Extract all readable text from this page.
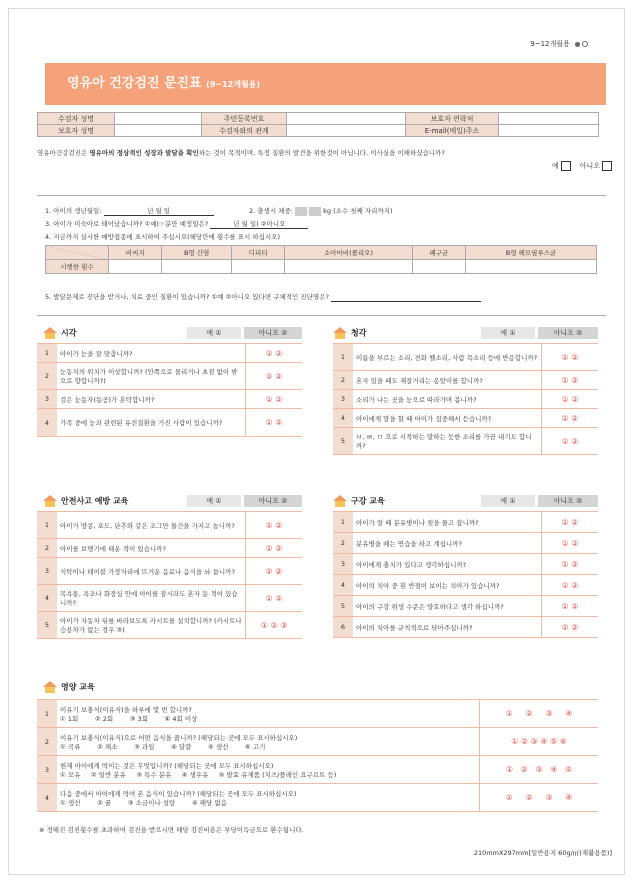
9~12개월용
영유아 건강검진 문진표 (9~12개월용)
수검자 성명		주민등록번호		보호자 연락처	
보호자 성명		수검자와의 관계		E-mail(메일)주소	
영유아건강검진은 영유아의 정상적인 성장과 발달을 확인하는 것이 목적이며, 특정 질환의 발견을 위한것이 아닙니다. 이사실을 이해하셨습니까?
예	아니오
1. 아이의 생년월일:	년 월 일	2. 출생시 체중: . kg (소수 첫째 자리까지)
3. 아이가 미숙아로 태어났습니까? ①예(☞분만 예정일은?	년 월 일) ②아니오
4. 지금까지 실시한 예방접종에 표시하여 주십시오(해당란에 횟수를 표시 하십시오)
	비씨지	B형 간염	디피티	소아마비(폴리오)	폐구균	B형 헤모필루스균
시행한 횟수						
5. 발달문제로 진단을 받거나, 치료 중인 질환이 있습니까? ①예 ②아니오 있다면 구체적인 진단명은?
시각	예 ①	아니오 ②
1	아이가 눈을 잘 맞춥니까?	① ②
2	눈동자의 위치가 이상합니까? (안쪽으로 몰리거나 초점 없이 밖으로 향합니까?)	① ②
3	검은 눈동자(동공)가 혼탁합니까?	① ②
4	가족 중에 눈과 관련된 유전질환을 가진 사람이 있습니까?	① ②
청각	예 ①	아니오 ②
1	이름을 부르는 소리, 전화 벨소리, 사람 목소리 등에 반응합니까?	① ②
2	혼자 있을 때도 재잘거리는 옹알이를 합니까?	① ②
3	소리가 나는 곳을 눈으로 따라가며 봅니까?	① ②
4	아이에게 말을 할 때 아이가 집중해서 듣습니까?	① ②
5	ㅂ, ㅃ, ㅁ 으로 시작하는 말하는 듯한 소리를 가끔 내기도 합니까?	① ②
안전사고 예방 교육	예 ①	아니오 ②
1	아이가 땅콩, 포도, 단추와 같은 조그만 물건을 가지고 놉니까?	① ②
2	아이를 보행기에 태운 적이 있습니까?	① ②
3	식탁이나 테이블 가장자리에 뜨거운 음료나 음식을 놔 둡니까?	① ②
4	목욕통, 욕조나 화장실 안에 아이를 잠시라도 혼자 둔 적이 있습니까?	① ②
5	아이가 자동차 뒤를 바라보도록 카시트를 설치합니까? (카시트나 승용차가 없는 경우 ③)	① ② ③
구강 교육	예 ①	아니오 ②
1	아이가 잘 때 분유병이나 젖을 물고 잡니까?	① ②
2	분유병을 떼는 연습을 하고 계십니까?	① ②
3	아이에게 충치가 있다고 생각하십니까?	① ②
4	아이의 치아 중 흰 반점이 보이는 치아가 있습니까?	① ②
5	아이의 구강 위생 수준은 양호하다고 생각 하십니까?	① ②
6	아이의 치아를 규칙적으로 닦아주십니까?	① ②
영양 교육
1	이유기 보충식(이유식)을 하루에 몇 번 합니까?
① 1회        ② 2회        ③ 3회        ④ 4회 이상	①     ②     ③     ④
2	이유기 보충식(이유식)으로 어떤 음식을 줍니까? (해당되는 곳에 모두 표시하십시오)
① 곡류        ② 채소        ③ 과일        ④ 달걀        ⑤ 생선        ⑥ 고기	① ② ③ ④ ⑤ ⑥
3	현재 아이에게 먹이는 것은 무엇입니까? (해당되는 곳에 모두 표시하십시오)
① 모유     ② 일반 분유     ③ 특수 분유     ④ 생우유     ⑤ 발효 유제품 (치즈/플레인 요구르트 등)	①   ②   ③   ④   ⑤
4	다음 중에서 아이에게 먹여 본 음식이 있습니까? (해당되는 곳에 모두 표시하십시오)
① 생선        ② 꿀        ③ 소금이나 설탕        ④ 해당 없음	①     ②     ③     ④
※ 정해진 검진횟수를 초과하여 검진을 받으시면 해당 검진비용은 부당이득금으로 환수됩니다.
210mmX297mm[일반용지 60g/㎡(재활용품)]
